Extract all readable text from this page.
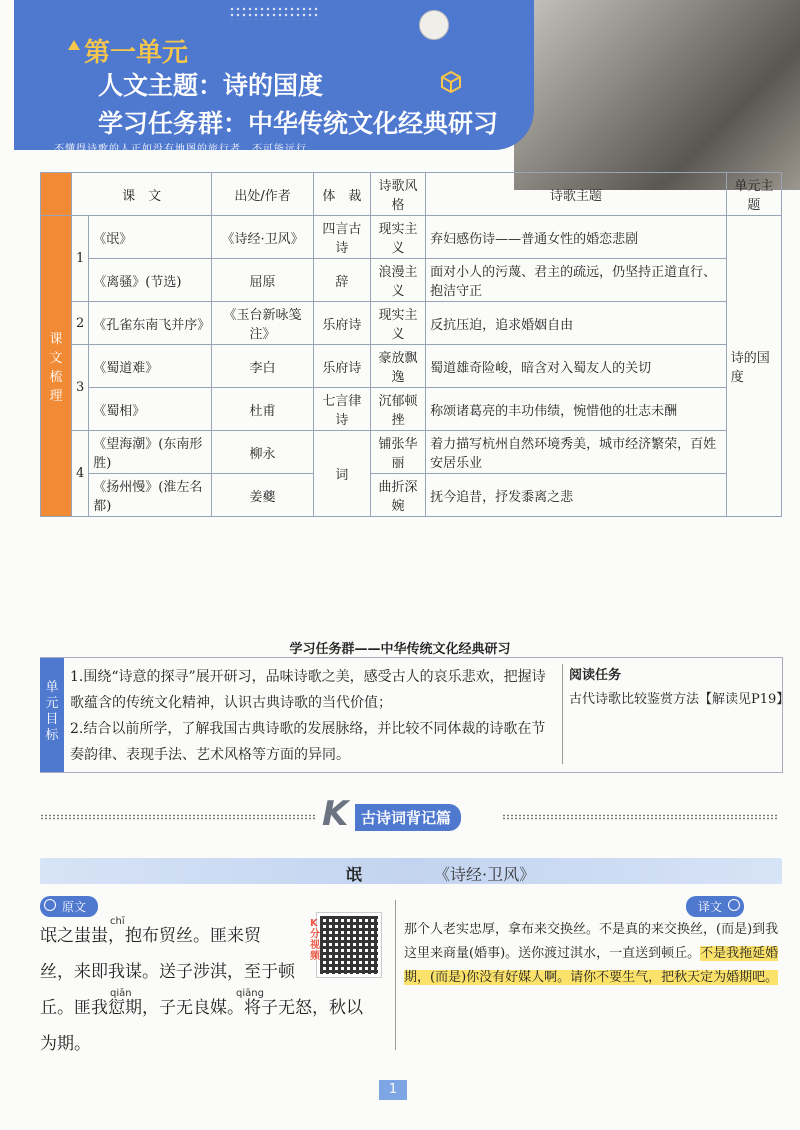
第一单元
人文主题：诗的国度
学习任务群：中华传统文化经典研习
不懂得诗歌的人正如没有地图的旅行者，不可能远行。
	课　文		出处/作者	体　裁	诗歌风格	诗歌主题	单元主题
课文梳理	1	《氓》	《诗经·卫风》	四言古诗	现实主义	弃妇感伤诗——普通女性的婚恋悲剧	诗的国度
		《离骚》(节选)	屈原	辞	浪漫主义	面对小人的污蔑、君主的疏远，仍坚持正道直行、抱洁守正	
	2	《孔雀东南飞并序》	《玉台新咏笺注》	乐府诗	现实主义	反抗压迫，追求婚姻自由	
	3	《蜀道难》	李白	乐府诗	豪放飘逸	蜀道雄奇险峻，暗含对入蜀友人的关切	
		《蜀相》	杜甫	七言律诗	沉郁顿挫	称颂诸葛亮的丰功伟绩，惋惜他的壮志未酬	
	4	《望海潮》(东南形胜)	柳永	词	铺张华丽	着力描写杭州自然环境秀美，城市经济繁荣，百姓安居乐业	
		《扬州慢》(淮左名都)	姜夔		曲折深婉	抚今追昔，抒发黍离之悲	
学习任务群——中华传统文化经典研习
单元目标
1.围绕“诗意的探寻”展开研习，品味诗歌之美，感受古人的哀乐悲欢，把握诗歌蕴含的传统文化精神，认识古典诗歌的当代价值；
2.结合以前所学，了解我国古典诗歌的发展脉络，并比较不同体裁的诗歌在节奏韵律、表现手法、艺术风格等方面的异同。
阅读任务
古代诗歌比较鉴赏方法【解读见P19】
K 古诗词背记篇
氓	《诗经·卫风》
原文	译文
chī
氓之蚩蚩，抱布贸丝。匪来贸
丝，来即我谋。送子涉淇，至于顿
qiān	qiāng
丘。匪我愆期，子无良媒。将子无怒，秋以
为期。
K分视频
那个人老实忠厚，拿布来交换丝。不是真的来交换丝，(而是)到我这里来商量(婚事)。送你渡过淇水，一直送到顿丘。不是我拖延婚期，(而是)你没有好媒人啊。请你不要生气，把秋天定为婚期吧。
1
